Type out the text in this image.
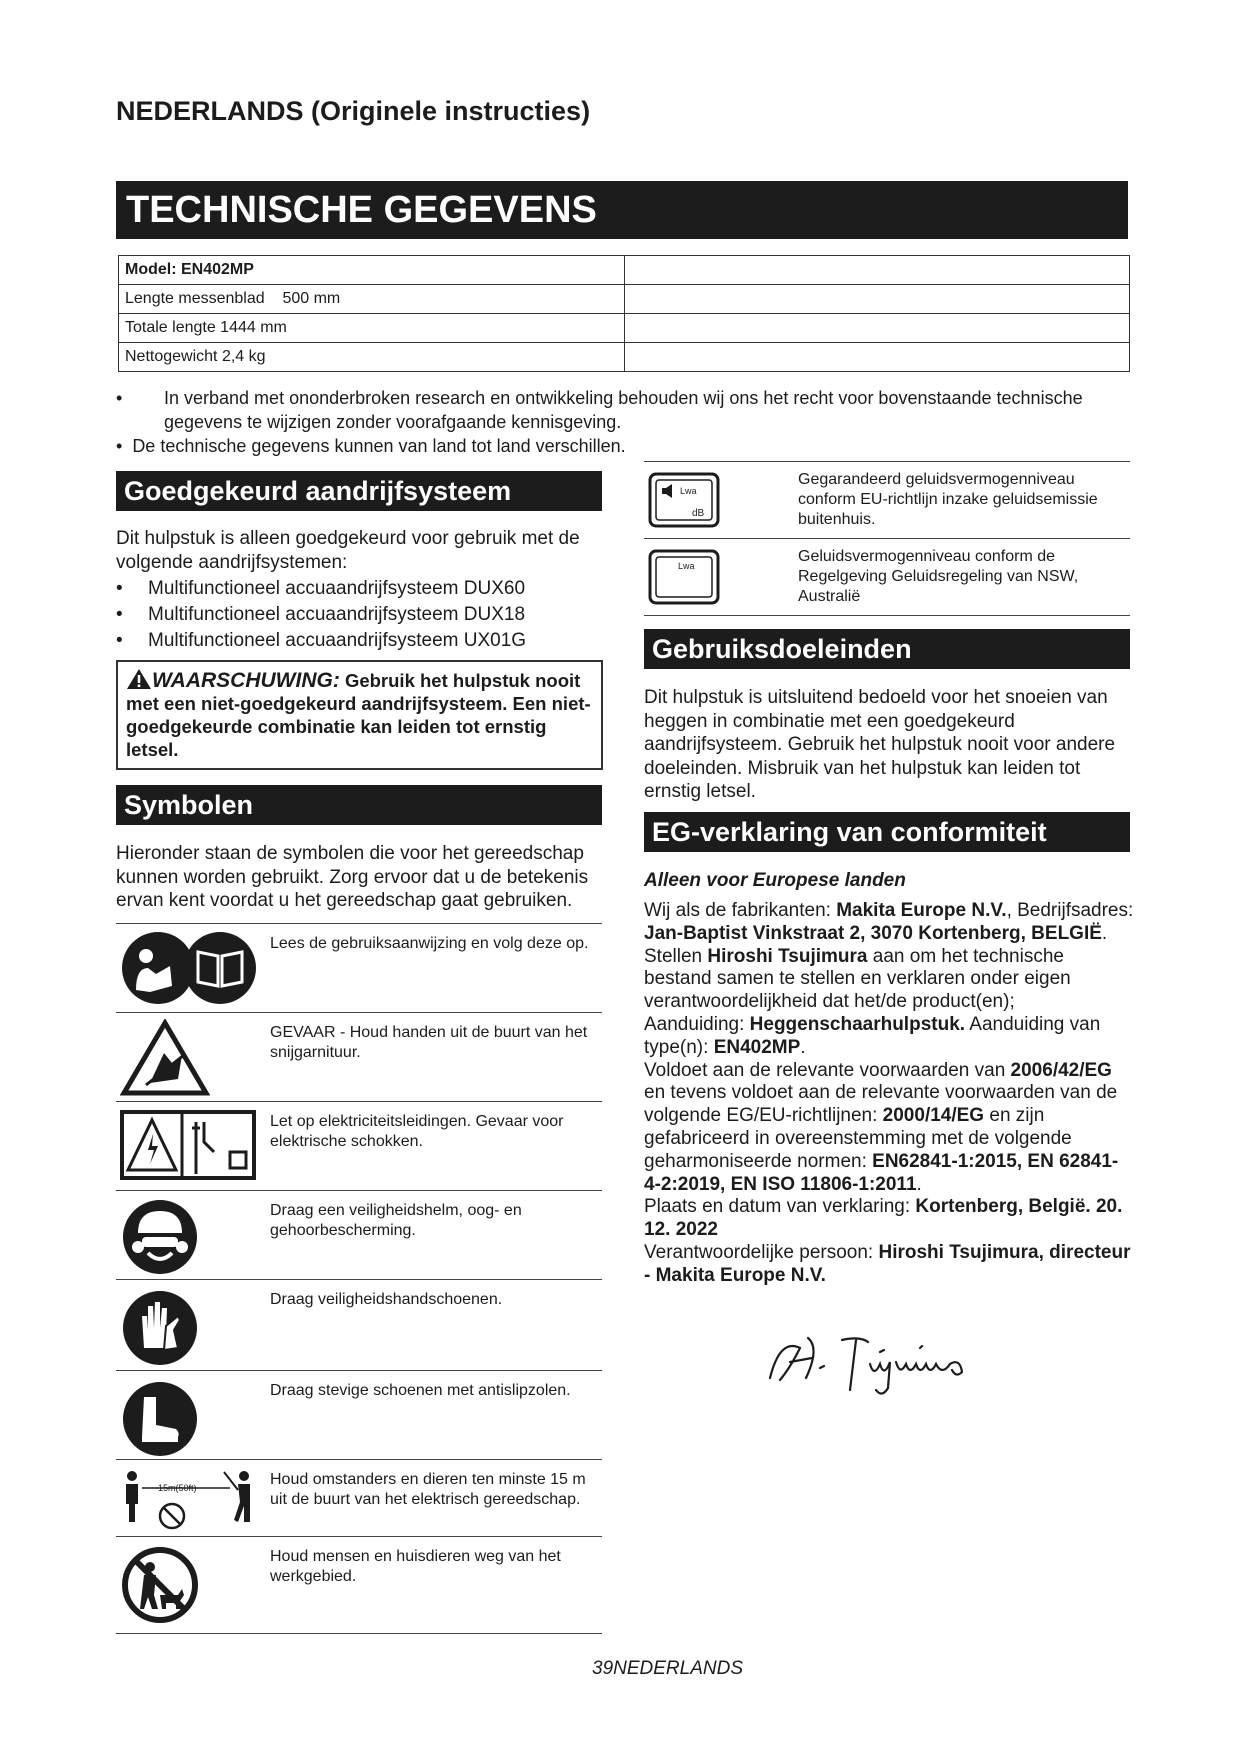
NEDERLANDS (Originele instructies)
TECHNISCHE GEGEVENS
Model: EN402MP	
Lengte messenblad    500 mm	
Totale lengte 1444 mm	
Nettogewicht 2,4 kg	
•	In verband met ononderbroken research en ontwikkeling behouden wij ons het recht voor bovenstaande technische gegevens te wijzigen zonder voorafgaande kennisgeving.
•  De technische gegevens kunnen van land tot land verschillen.
Goedgekeurd aandrijfsysteem
Dit hulpstuk is alleen goedgekeurd voor gebruik met de volgende aandrijfsystemen:
•	Multifunctioneel accuaandrijfsysteem DUX60
•	Multifunctioneel accuaandrijfsysteem DUX18
•	Multifunctioneel accuaandrijfsysteem UX01G
WAARSCHUWING: Gebruik het hulpstuk nooit met een niet-goedgekeurd aandrijfsysteem. Een niet-goedgekeurde combinatie kan leiden tot ernstig letsel.
Symbolen
Hieronder staan de symbolen die voor het gereedschap kunnen worden gebruikt. Zorg ervoor dat u de betekenis ervan kent voordat u het gereedschap gaat gebruiken.
Lees de gebruiksaanwijzing en volg deze op.
GEVAAR - Houd handen uit de buurt van het snijgarnituur.
Let op elektriciteitsleidingen. Gevaar voor elektrische schokken.
Draag een veiligheidshelm, oog- en gehoorbescherming.
Draag veiligheidshandschoenen.
Draag stevige schoenen met antislipzolen.
15m(50ft)	Houd omstanders en dieren ten minste 15 m uit de buurt van het elektrisch gereedschap.
Houd mensen en huisdieren weg van het werkgebied.
Lwa
dB
Gegarandeerd geluidsvermogenniveau conform EU-richtlijn inzake geluidsemissie buitenhuis.
Lwa
Geluidsvermogenniveau conform de Regelgeving Geluidsregeling van NSW, Australië
Gebruiksdoeleinden
Dit hulpstuk is uitsluitend bedoeld voor het snoeien van heggen in combinatie met een goedgekeurd aandrijfsysteem. Gebruik het hulpstuk nooit voor andere doeleinden. Misbruik van het hulpstuk kan leiden tot ernstig letsel.
EG-verklaring van conformiteit
Alleen voor Europese landen
Wij als de fabrikanten: Makita Europe N.V., Bedrijfsadres: Jan-Baptist Vinkstraat 2, 3070 Kortenberg, BELGIË. Stellen Hiroshi Tsujimura aan om het technische bestand samen te stellen en verklaren onder eigen verantwoordelijkheid dat het/de product(en);
Aanduiding: Heggenschaarhulpstuk. Aanduiding van type(n): EN402MP.
Voldoet aan de relevante voorwaarden van 2006/42/EG en tevens voldoet aan de relevante voorwaarden van de volgende EG/EU-richtlijnen: 2000/14/EG en zijn gefabriceerd in overeenstemming met de volgende geharmoniseerde normen: EN62841-1:2015, EN 62841-4-2:2019, EN ISO 11806-1:2011.
Plaats en datum van verklaring: Kortenberg, België. 20. 12. 2022
Verantwoordelijke persoon: Hiroshi Tsujimura, directeur - Makita Europe N.V.
39NEDERLANDS
